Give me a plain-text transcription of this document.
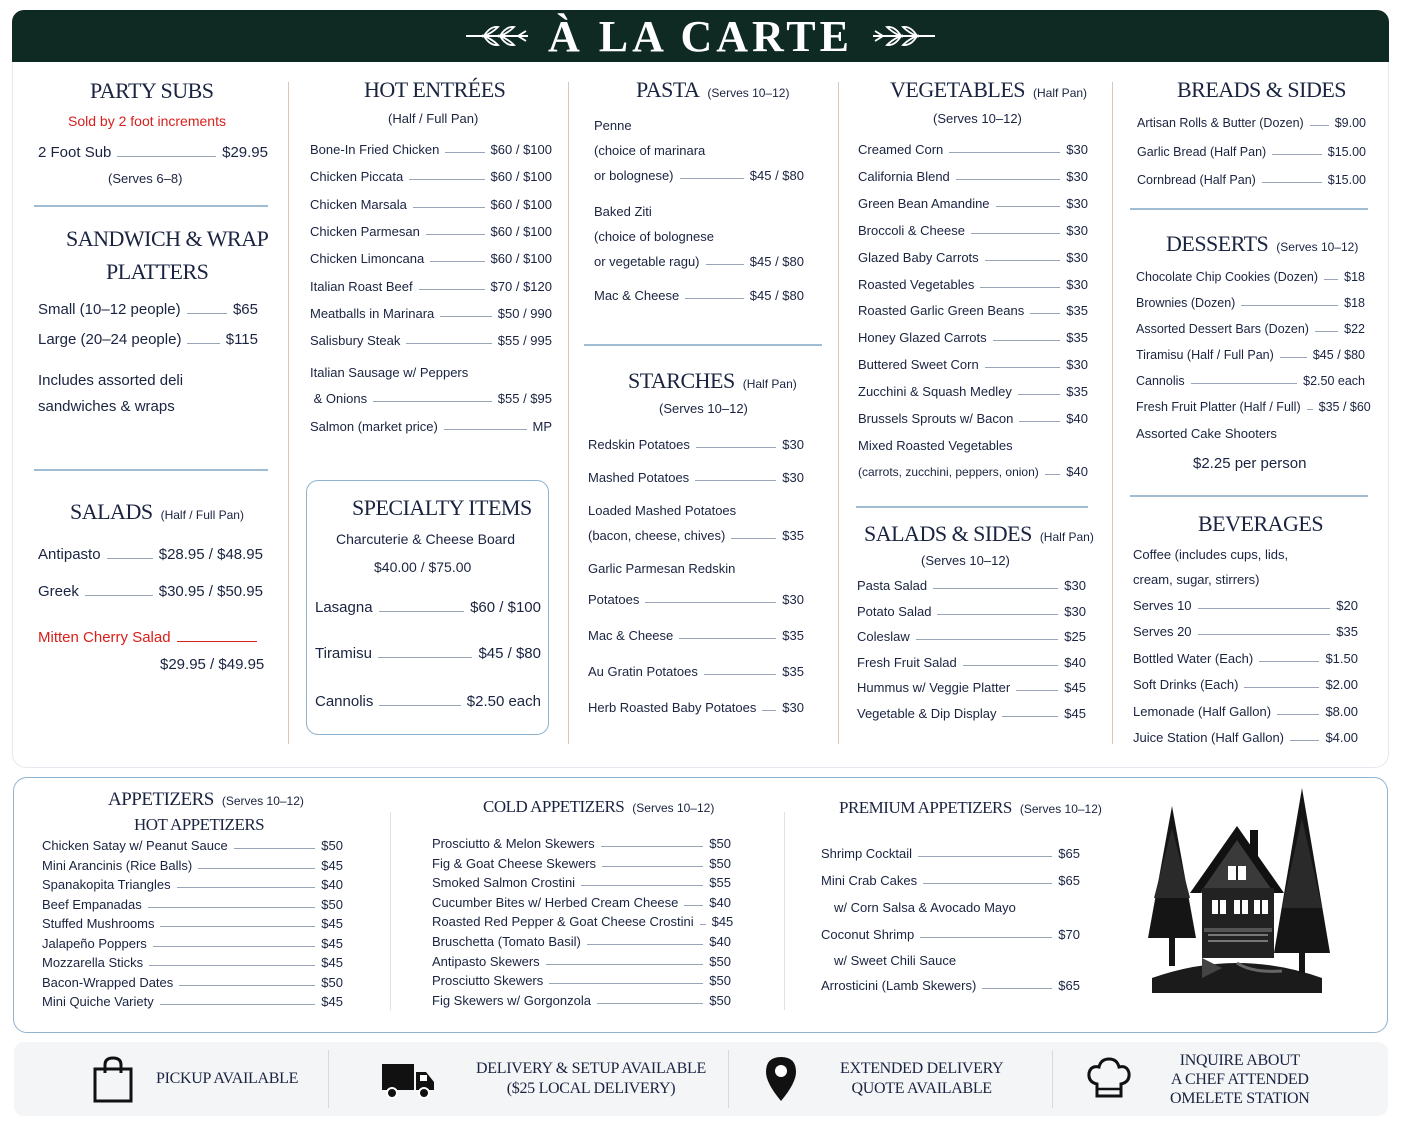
À LA CARTE
PARTY SUBS
Sold by 2 foot increments
2 Foot Sub	$29.95
(Serves 6–8)
SANDWICH & WRAP
PLATTERS
Small (10–12 people)	$65
Large (20–24 people)	$115
Includes assorted deli
sandwiches & wraps
SALADS (Half / Full Pan)
Antipasto	$28.95 / $48.95
Greek	$30.95 / $50.95
Mitten Cherry Salad
$29.95 / $49.95
HOT ENTRÉES
(Half / Full Pan)
Bone-In Fried Chicken	$60 / $100
Chicken Piccata	$60 / $100
Chicken Marsala	$60 / $100
Chicken Parmesan	$60 / $100
Chicken Limoncana	$60 / $100
Italian Roast Beef	$70 / $120
Meatballs in Marinara	$50 / 990
Salisbury Steak	$55 / 995
Italian Sausage w/ Peppers
& Onions	$55 / $95
Salmon (market price)	MP
SPECIALTY ITEMS
Charcuterie & Cheese Board
$40.00 / $75.00
Lasagna	$60 / $100
Tiramisu	$45 / $80
Cannolis	$2.50 each
PASTA (Serves 10–12)
Penne
(choice of marinara
or bolognese)	$45 / $80
Baked Ziti
(choice of bolognese
or vegetable ragu)	$45 / $80
Mac & Cheese	$45 / $80
STARCHES (Half Pan)
(Serves 10–12)
Redskin Potatoes	$30
Mashed Potatoes	$30
Loaded Mashed Potatoes
(bacon, cheese, chives)	$35
Garlic Parmesan Redskin
Potatoes	$30
Mac & Cheese	$35
Au Gratin Potatoes	$35
Herb Roasted Baby Potatoes $30
VEGETABLES (Half Pan)
(Serves 10–12)
Creamed Corn	$30
California Blend	$30
Green Bean Amandine	$30
Broccoli & Cheese	$30
Glazed Baby Carrots	$30
Roasted Vegetables	$30
Roasted Garlic Green Beans	$35
Honey Glazed Carrots	$35
Buttered Sweet Corn	$30
Zucchini & Squash Medley	$35
Brussels Sprouts w/ Bacon	$40
Mixed Roasted Vegetables
(carrots, zucchini, peppers, onion) $40
SALADS & SIDES (Half Pan)
(Serves 10–12)
Pasta Salad	$30
Potato Salad	$30
Coleslaw	$25
Fresh Fruit Salad	$40
Hummus w/ Veggie Platter	$45
Vegetable & Dip Display	$45
BREADS & SIDES
Artisan Rolls & Butter (Dozen) $9.00
Garlic Bread (Half Pan)	$15.00
Cornbread (Half Pan)	$15.00
DESSERTS (Serves 10–12)
Chocolate Chip Cookies (Dozen) $18
Brownies (Dozen)	$18
Assorted Dessert Bars (Dozen)	$22
Tiramisu (Half / Full Pan)	$45 / $80
Cannolis	$2.50 each
Fresh Fruit Platter (Half / Full) $35 / $60
Assorted Cake Shooters
$2.25 per person
BEVERAGES
Coffee (includes cups, lids,
cream, sugar, stirrers)
Serves 10	$20
Serves 20	$35
Bottled Water (Each)	$1.50
Soft Drinks (Each)	$2.00
Lemonade (Half Gallon)	$8.00
Juice Station (Half Gallon)	$4.00
APPETIZERS (Serves 10–12)
HOT APPETIZERS
Chicken Satay w/ Peanut Sauce	$50
Mini Arancinis (Rice Balls)	$45
Spanakopita Triangles	$40
Beef Empanadas	$50
Stuffed Mushrooms	$45
Jalapeño Poppers	$45
Mozzarella Sticks	$45
Bacon-Wrapped Dates	$50
Mini Quiche Variety	$45
COLD APPETIZERS (Serves 10–12)
Prosciutto & Melon Skewers	$50
Fig & Goat Cheese Skewers	$50
Smoked Salmon Crostini	$55
Cucumber Bites w/ Herbed Cream Cheese $40
Roasted Red Pepper & Goat Cheese Crostini $45
Bruschetta (Tomato Basil)	$40
Antipasto Skewers	$50
Prosciutto Skewers	$50
Fig Skewers w/ Gorgonzola	$50
PREMIUM APPETIZERS (Serves 10–12)
Shrimp Cocktail	$65
Mini Crab Cakes	$65
w/ Corn Salsa & Avocado Mayo
Coconut Shrimp	$70
w/ Sweet Chili Sauce
Arrosticini (Lamb Skewers)	$65
PICKUP AVAILABLE
DELIVERY & SETUP AVAILABLE
($25 LOCAL DELIVERY)
EXTENDED DELIVERY
QUOTE AVAILABLE
INQUIRE ABOUT
A CHEF ATTENDED
OMELETE STATION
